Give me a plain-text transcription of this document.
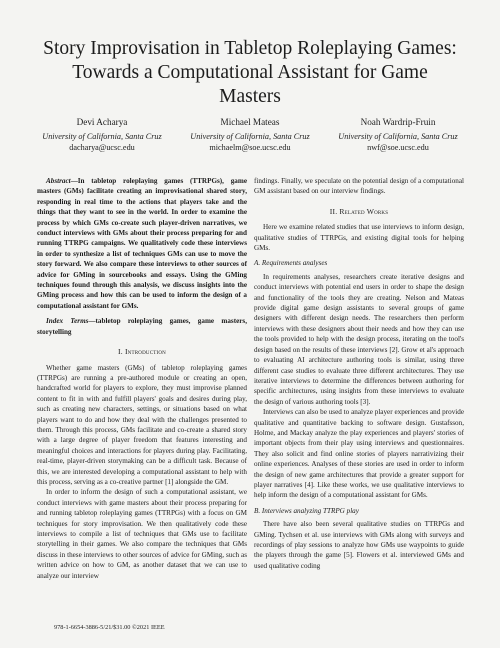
Story Improvisation in Tabletop Roleplaying Games: Towards a Computational Assistant for Game Masters
Devi Acharya
University of California, Santa Cruz
dacharya@ucsc.edu
Michael Mateas
University of California, Santa Cruz
michaelm@soe.ucsc.edu
Noah Wardrip-Fruin
University of California, Santa Cruz
nwf@soe.ucsc.edu

Abstract—In tabletop roleplaying games (TTRPGs), game masters (GMs) facilitate creating an improvisational shared story, responding in real time to the actions that players take and the things that they want to see in the world. In order to examine the process by which GMs co-create such player-driven narratives, we conduct interviews with GMs about their process preparing for and running TTRPG campaigns. We qualitatively code these interviews in order to synthesize a list of techniques GMs can use to move the story forward. We also compare these interviews to other sources of advice for GMing in sourcebooks and essays. Using the GMing techniques found through this analysis, we discuss insights into the GMing process and how this can be used to inform the design of a computational assistant for GMs.

Index Terms—tabletop roleplaying games, game masters, storytelling

I. Introduction

Whether game masters (GMs) of tabletop roleplaying games (TTRPGs) are running a pre-authored module or creating an open, handcrafted world for players to explore, they must improvise planned content to fit in with and fulfill players' goals and desires during play, such as creating new characters, settings, or situations based on what players want to do and how they deal with the challenges presented to them. Through this process, GMs facilitate and co-create a shared story with a large degree of player freedom that features interesting and meaningful choices and interactions for players during play. Facilitating, real-time, player-driven storymaking can be a difficult task. Because of this, we are interested developing a computational assistant to help with this process, serving as a co-creative partner [1] alongside the GM.

In order to inform the design of such a computational assistant, we conduct interviews with game masters about their process preparing for and running tabletop roleplaying games (TTRPGs) with a focus on GM techniques for story improvisation. We then qualitatively code these interviews to compile a list of techniques that GMs use to facilitate storytelling in their games. We also compare the techniques that GMs discuss in these interviews to other sources of advice for GMing, such as written advice on how to GM, as another dataset that we can use to analyze our interview

findings. Finally, we speculate on the potential design of a computational GM assistant based on our interview findings.

II. Related Works

Here we examine related studies that use interviews to inform design, qualitative studies of TTRPGs, and existing digital tools for helping GMs.

A. Requirements analyses

In requirements analyses, researchers create iterative designs and conduct interviews with potential end users in order to shape the design and functionality of the tools they are creating. Nelson and Mateas provide digital game design assistants to several groups of game designers with different design needs. The researchers then perform interviews with these designers about their needs and how they can use the tools provided to help with the design process, iterating on the tool's design based on the results of these interviews [2]. Grow et al's approach to evaluating AI architecture authoring tools is similar, using three different case studies to evaluate three different architectures. They use iterative interviews to determine the differences between authoring for specific architectures, using insights from these interviews to evaluate the design of various authoring tools [3].

Interviews can also be used to analyze player experiences and provide qualitative and quantitative backing to software design. Gustafsson, Holme, and Mackay analyze the play experiences and players' stories of important objects from their play using interviews and questionnaires. They also solicit and find online stories of players narrativizing their online experiences. Analyses of these stories are used in order to inform the design of new game architectures that provide a greater support for player narratives [4]. Like these works, we use qualitative interviews to help inform the design of a computational assistant for GMs.

B. Interviews analyzing TTRPG play

There have also been several qualitative studies on TTRPGs and GMing. Tychsen et al. use interviews with GMs along with surveys and recordings of play sessions to analyze how GMs use waypoints to guide the players through the game [5]. Flowers et al. interviewed GMs and used qualitative coding

978-1-6654-3886-5/21/$31.00 ©2021 IEEE
